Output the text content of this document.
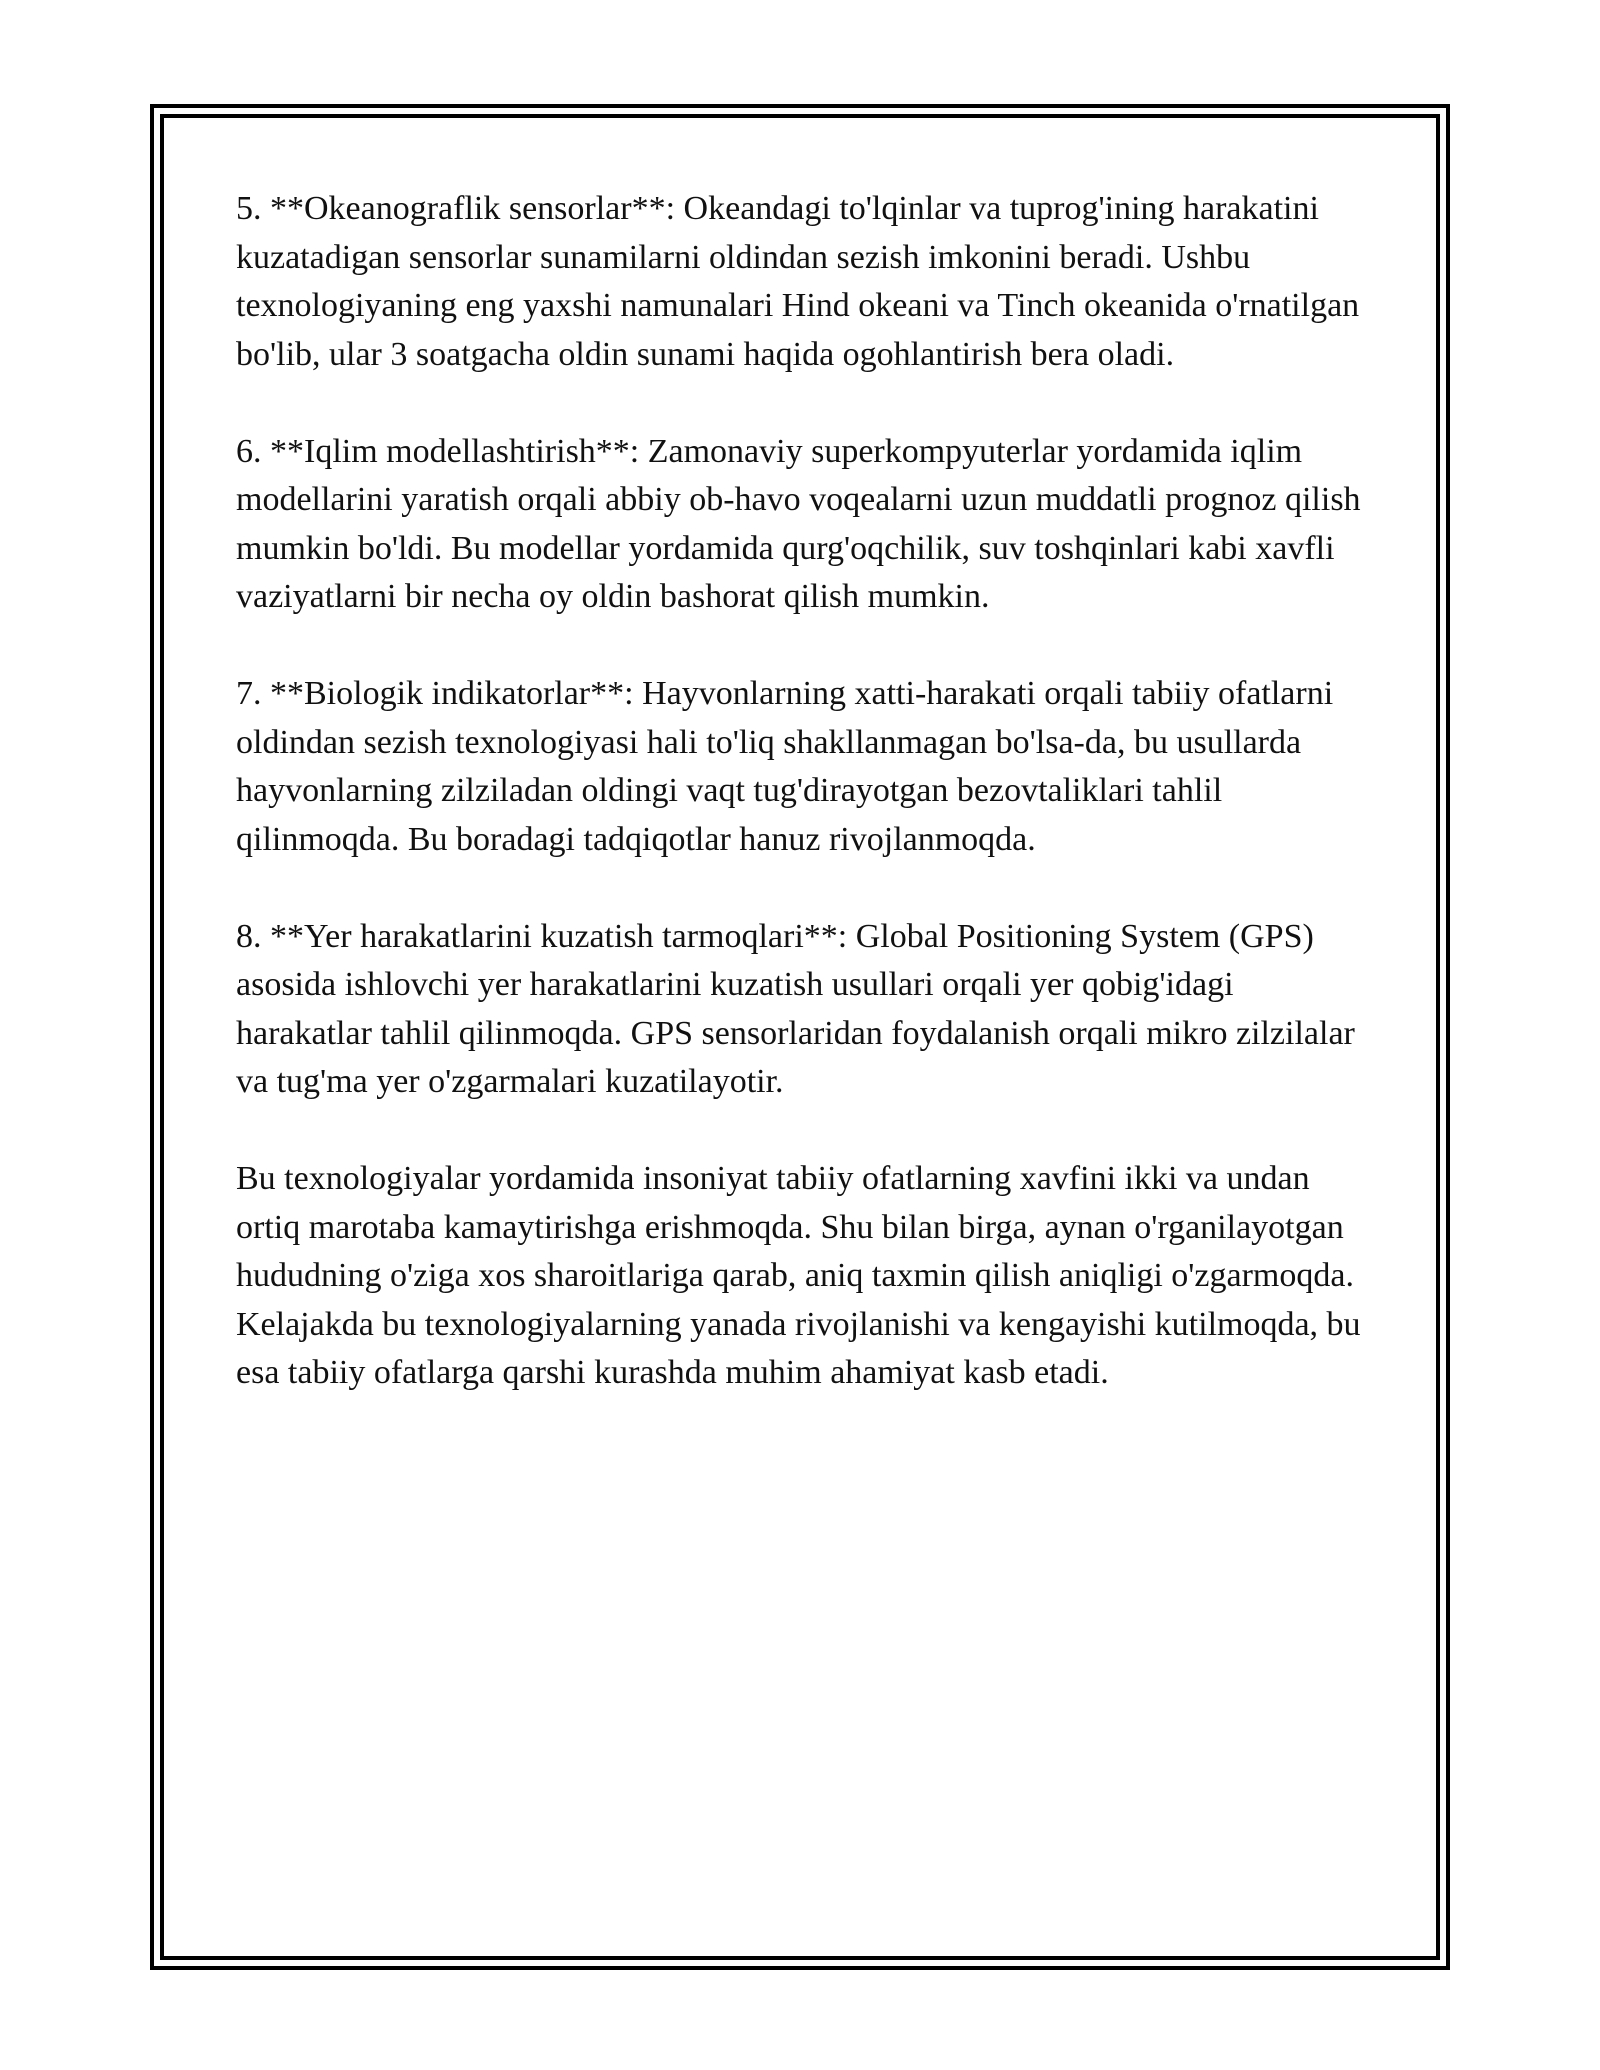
5. **Okeanograflik sensorlar**: Okeandagi to'lqinlar va tuprog'ining harakatini kuzatadigan sensorlar sunamilarni oldindan sezish imkonini beradi. Ushbu texnologiyaning eng yaxshi namunalari Hind okeani va Tinch okeanida o'rnatilgan bo'lib, ular 3 soatgacha oldin sunami haqida ogohlantirish bera oladi.

6. **Iqlim modellashtirish**: Zamonaviy superkompyuterlar yordamida iqlim modellarini yaratish orqali abbiy ob-havo voqealarni uzun muddatli prognoz qilish mumkin bo'ldi. Bu modellar yordamida qurg'oqchilik, suv toshqinlari kabi xavfli vaziyatlarni bir necha oy oldin bashorat qilish mumkin.

7. **Biologik indikatorlar**: Hayvonlarning xatti-harakati orqali tabiiy ofatlarni oldindan sezish texnologiyasi hali to'liq shakllanmagan bo'lsa-da, bu usullarda hayvonlarning zilziladan oldingi vaqt tug'dirayotgan bezovtaliklari tahlil qilinmoqda. Bu boradagi tadqiqotlar hanuz rivojlanmoqda.

8. **Yer harakatlarini kuzatish tarmoqlari**: Global Positioning System (GPS) asosida ishlovchi yer harakatlarini kuzatish usullari orqali yer qobig'idagi harakatlar tahlil qilinmoqda. GPS sensorlaridan foydalanish orqali mikro zilzilalar va tug'ma yer o'zgarmalari kuzatilayotir.

Bu texnologiyalar yordamida insoniyat tabiiy ofatlarning xavfini ikki va undan ortiq marotaba kamaytirishga erishmoqda. Shu bilan birga, aynan o'rganilayotgan hududning o'ziga xos sharoitlariga qarab, aniq taxmin qilish aniqligi o'zgarmoqda. Kelajakda bu texnologiyalarning yanada rivojlanishi va kengayishi kutilmoqda, bu esa tabiiy ofatlarga qarshi kurashda muhim ahamiyat kasb etadi.
